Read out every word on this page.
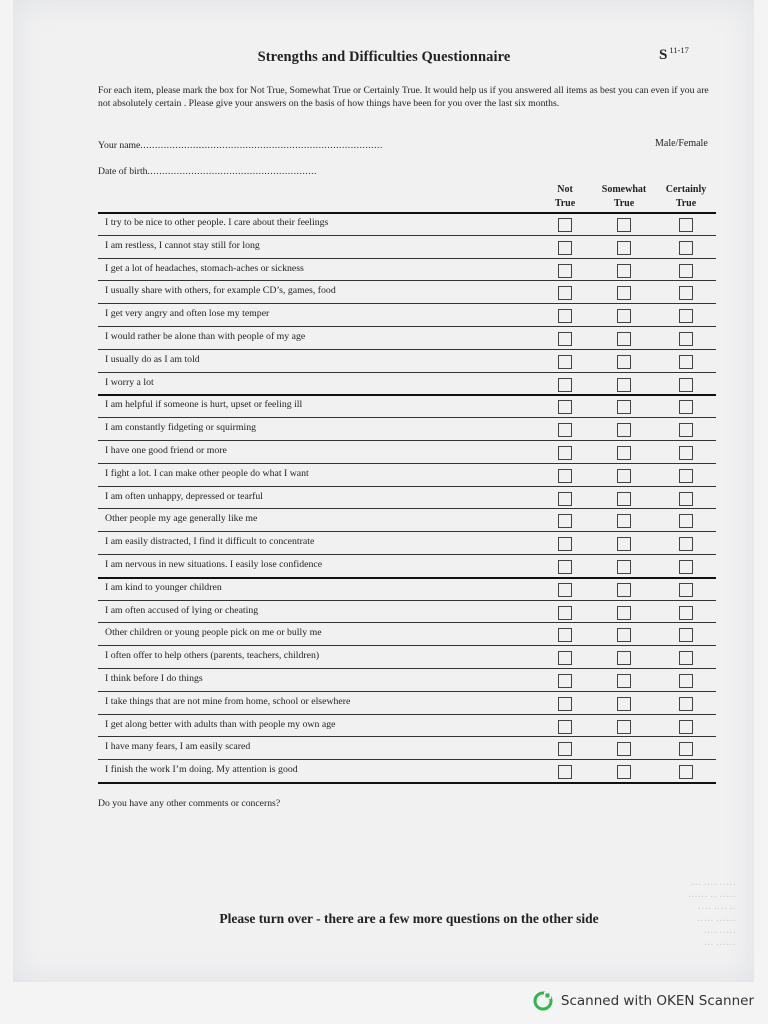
Strengths and Difficulties Questionnaire	S $^{11-17}$
For each item, please mark the box for Not True, Somewhat True or Certainly True. It would help us if you answered all items as best you can even if you are not absolutely certain . Please give your answers on the basis of how things have been for you over the last six months.
Your name...................................................................................	Male/Female
Date of birth..........................................................
Not
True
Somewhat
True
Certainly
True
I try to be nice to other people. I care about their feelings
I am restless, I cannot stay still for long
I get a lot of headaches, stomach-aches or sickness
I usually share with others, for example CD’s, games, food
I get very angry and often lose my temper
I would rather be alone than with people of my age
I usually do as I am told
I worry a lot
I am helpful if someone is hurt, upset or feeling ill
I am constantly fidgeting or squirming
I have one good friend or more
I fight a lot. I can make other people do what I want
I am often unhappy, depressed or tearful
Other people my age generally like me
I am easily distracted, I find it difficult to concentrate
I am nervous in new situations. I easily lose confidence
I am kind to younger children
I am often accused of lying or cheating
Other children or young people pick on me or bully me
I often offer to help others (parents, teachers, children)
I think before I do things
I take things that are not mine from home, school or elsewhere
I get along better with adults than with people my own age
I have many fears, I am easily scared
I finish the work I’m doing. My attention is good
Do you have any other comments or concerns?
····· ···· ···
····· ·· ······
·· ···· ····
······ ·····
····· ····
······ ···
Please turn over - there are a few more questions on the other side
Scanned with OKEN Scanner
